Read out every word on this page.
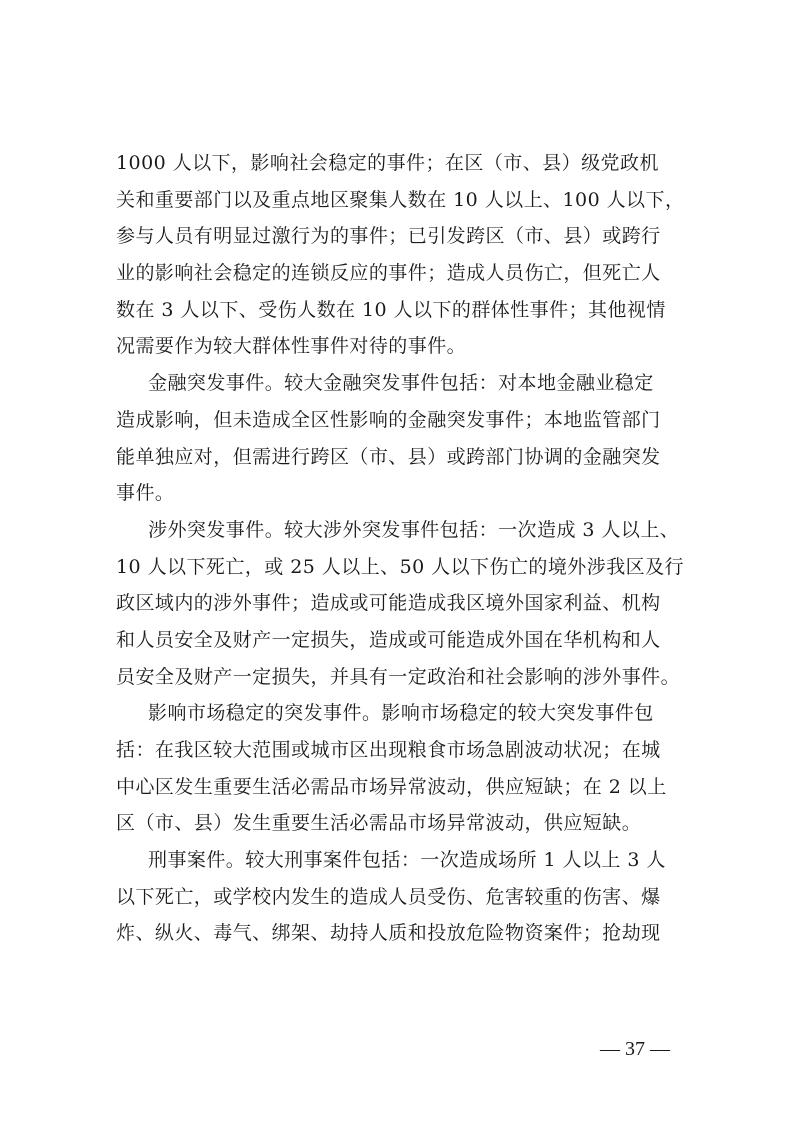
1000 人以下，影响社会稳定的事件；在区（市、县）级党政机
关和重要部门以及重点地区聚集人数在 10 人以上、100 人以下，
参与人员有明显过激行为的事件；已引发跨区（市、县）或跨行
业的影响社会稳定的连锁反应的事件；造成人员伤亡，但死亡人
数在 3 人以下、受伤人数在 10 人以下的群体性事件；其他视情
况需要作为较大群体性事件对待的事件。
金融突发事件。较大金融突发事件包括：对本地金融业稳定
造成影响，但未造成全区性影响的金融突发事件；本地监管部门
能单独应对，但需进行跨区（市、县）或跨部门协调的金融突发
事件。
涉外突发事件。较大涉外突发事件包括：一次造成 3 人以上、
10 人以下死亡，或 25 人以上、50 人以下伤亡的境外涉我区及行
政区域内的涉外事件；造成或可能造成我区境外国家利益、机构
和人员安全及财产一定损失，造成或可能造成外国在华机构和人
员安全及财产一定损失，并具有一定政治和社会影响的涉外事件。
影响市场稳定的突发事件。影响市场稳定的较大突发事件包
括：在我区较大范围或城市区出现粮食市场急剧波动状况；在城
中心区发生重要生活必需品市场异常波动，供应短缺；在 2 以上
区（市、县）发生重要生活必需品市场异常波动，供应短缺。
刑事案件。较大刑事案件包括：一次造成场所 1 人以上 3 人
以下死亡，或学校内发生的造成人员受伤、危害较重的伤害、爆
炸、纵火、毒气、绑架、劫持人质和投放危险物资案件；抢劫现
— 37 —
